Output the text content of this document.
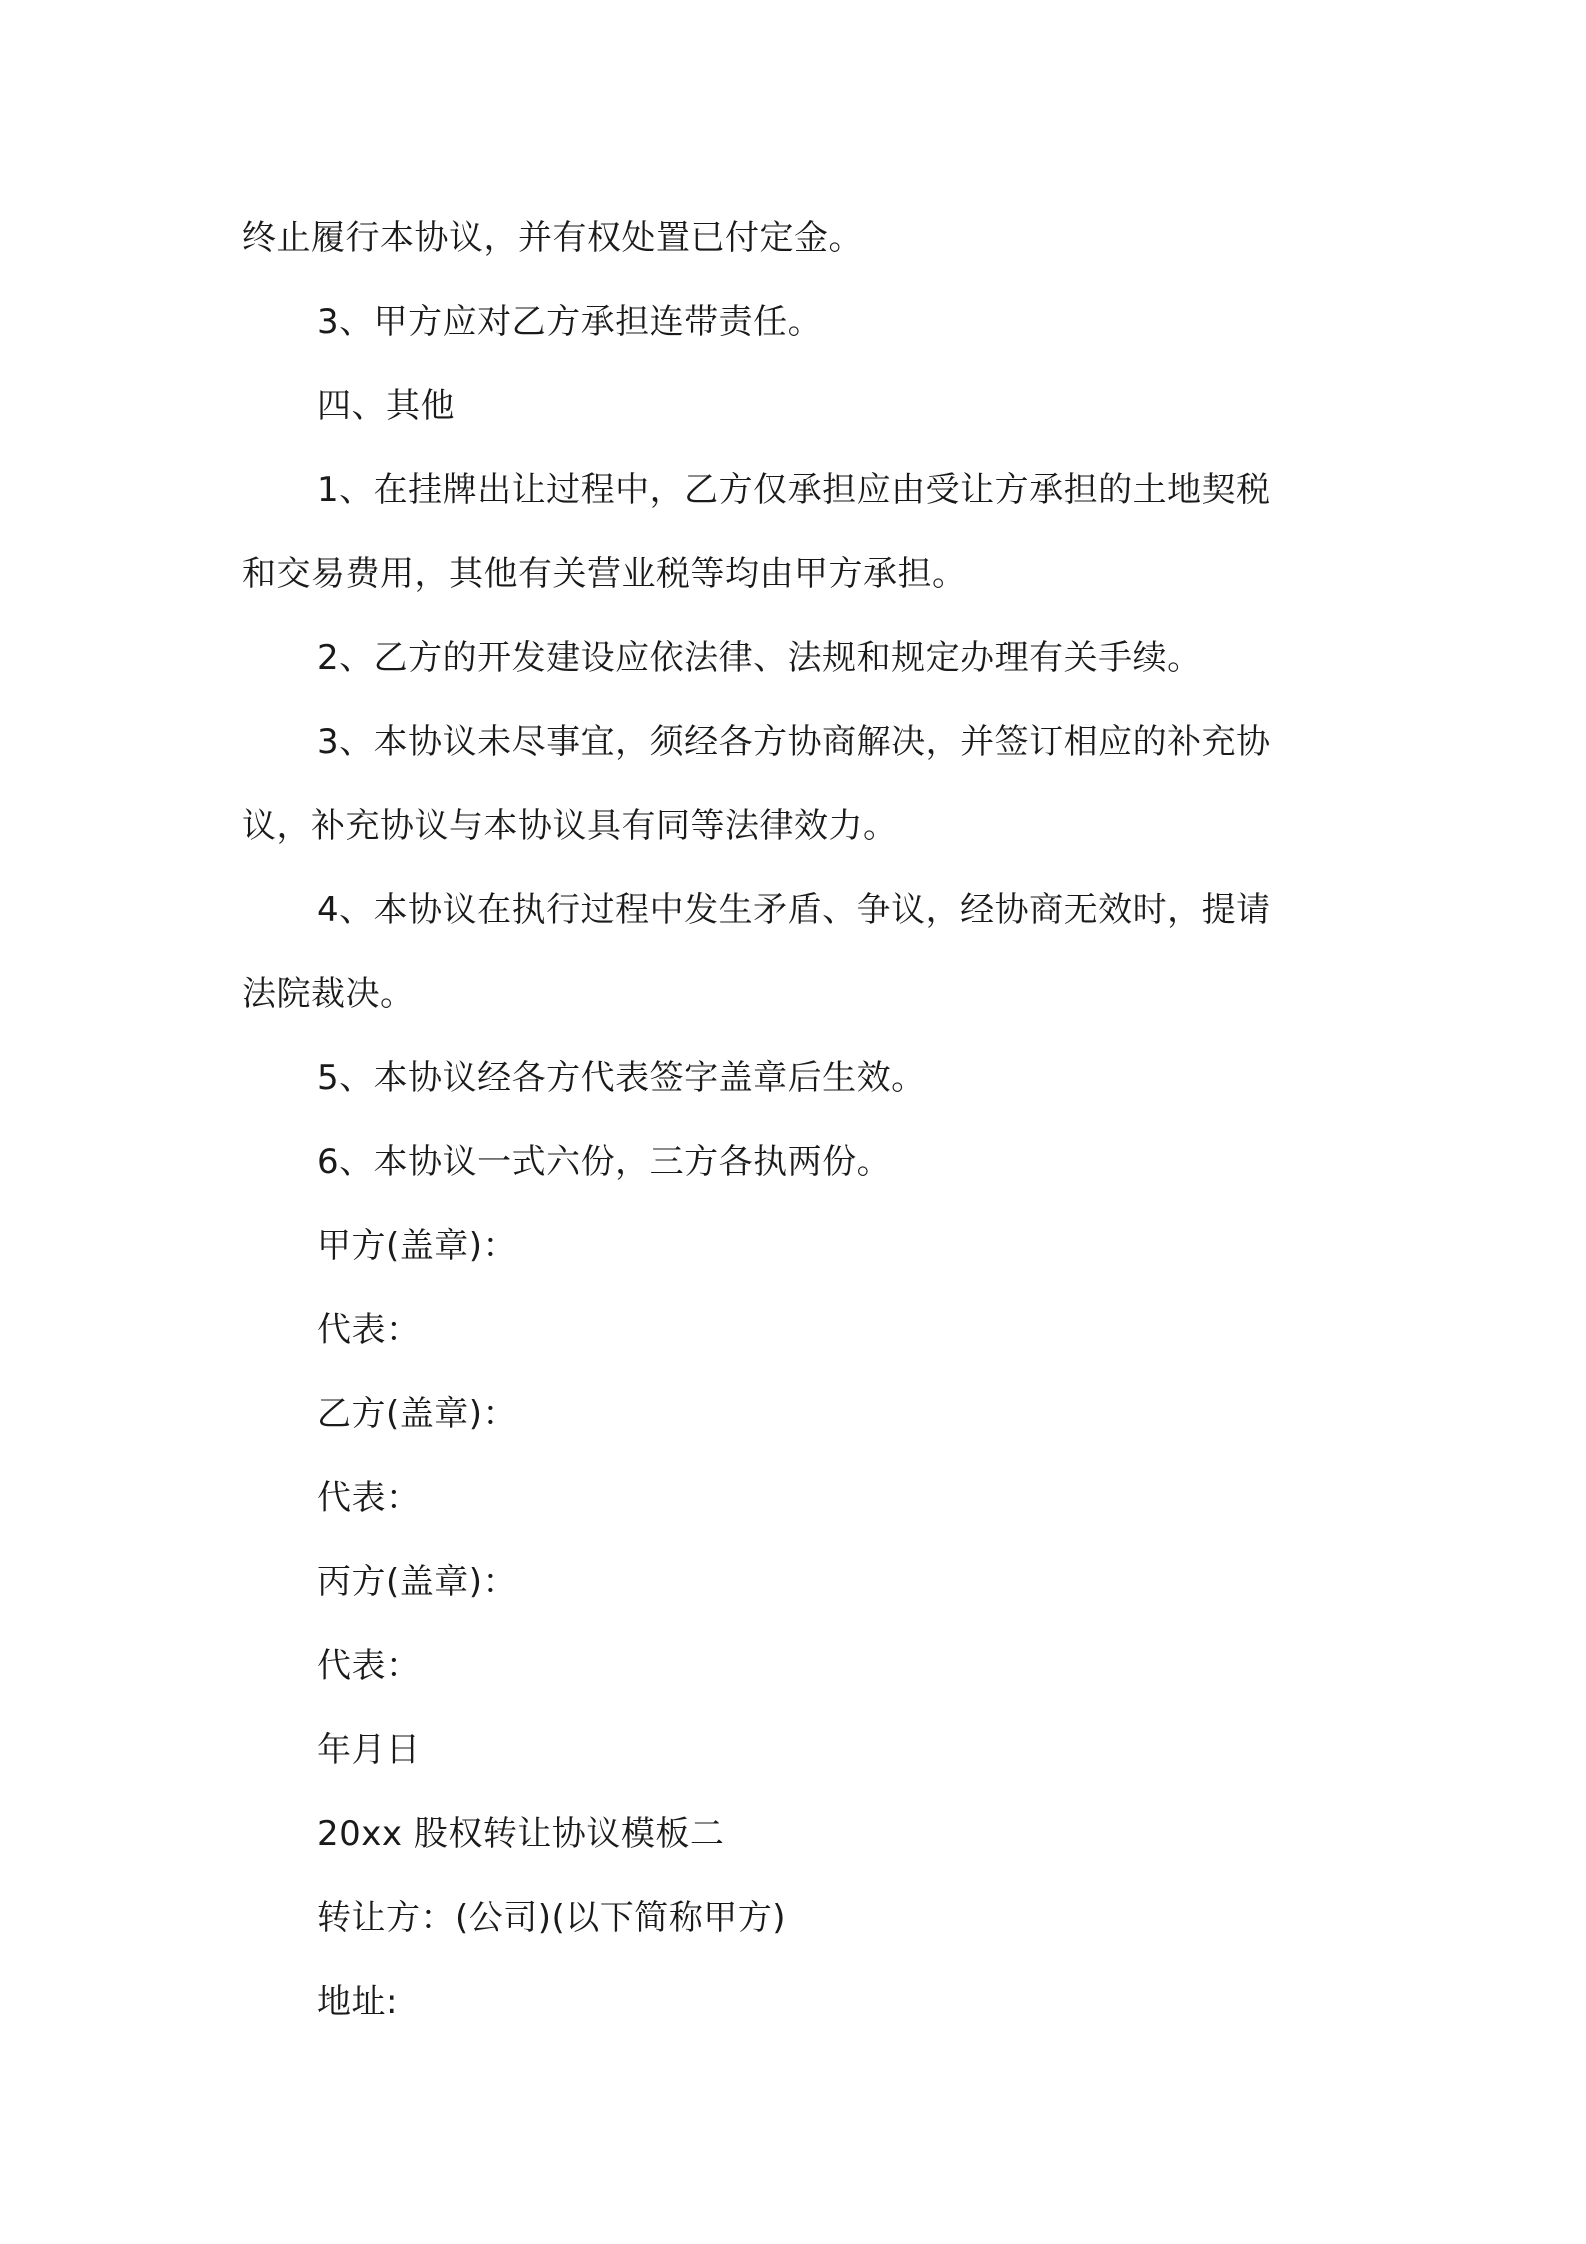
终止履行本协议，并有权处置已付定金。
3、甲方应对乙方承担连带责任。
四、其他
1、在挂牌出让过程中，乙方仅承担应由受让方承担的土地契税
和交易费用，其他有关营业税等均由甲方承担。
2、乙方的开发建设应依法律、法规和规定办理有关手续。
3、本协议未尽事宜，须经各方协商解决，并签订相应的补充协
议，补充协议与本协议具有同等法律效力。
4、本协议在执行过程中发生矛盾、争议，经协商无效时，提请
法院裁决。
5、本协议经各方代表签字盖章后生效。
6、本协议一式六份，三方各执两份。
甲方(盖章)：
代表：
乙方(盖章)：
代表：
丙方(盖章)：
代表：
年月日
20xx 股权转让协议模板二
转让方：(公司)(以下简称甲方)
地址:
